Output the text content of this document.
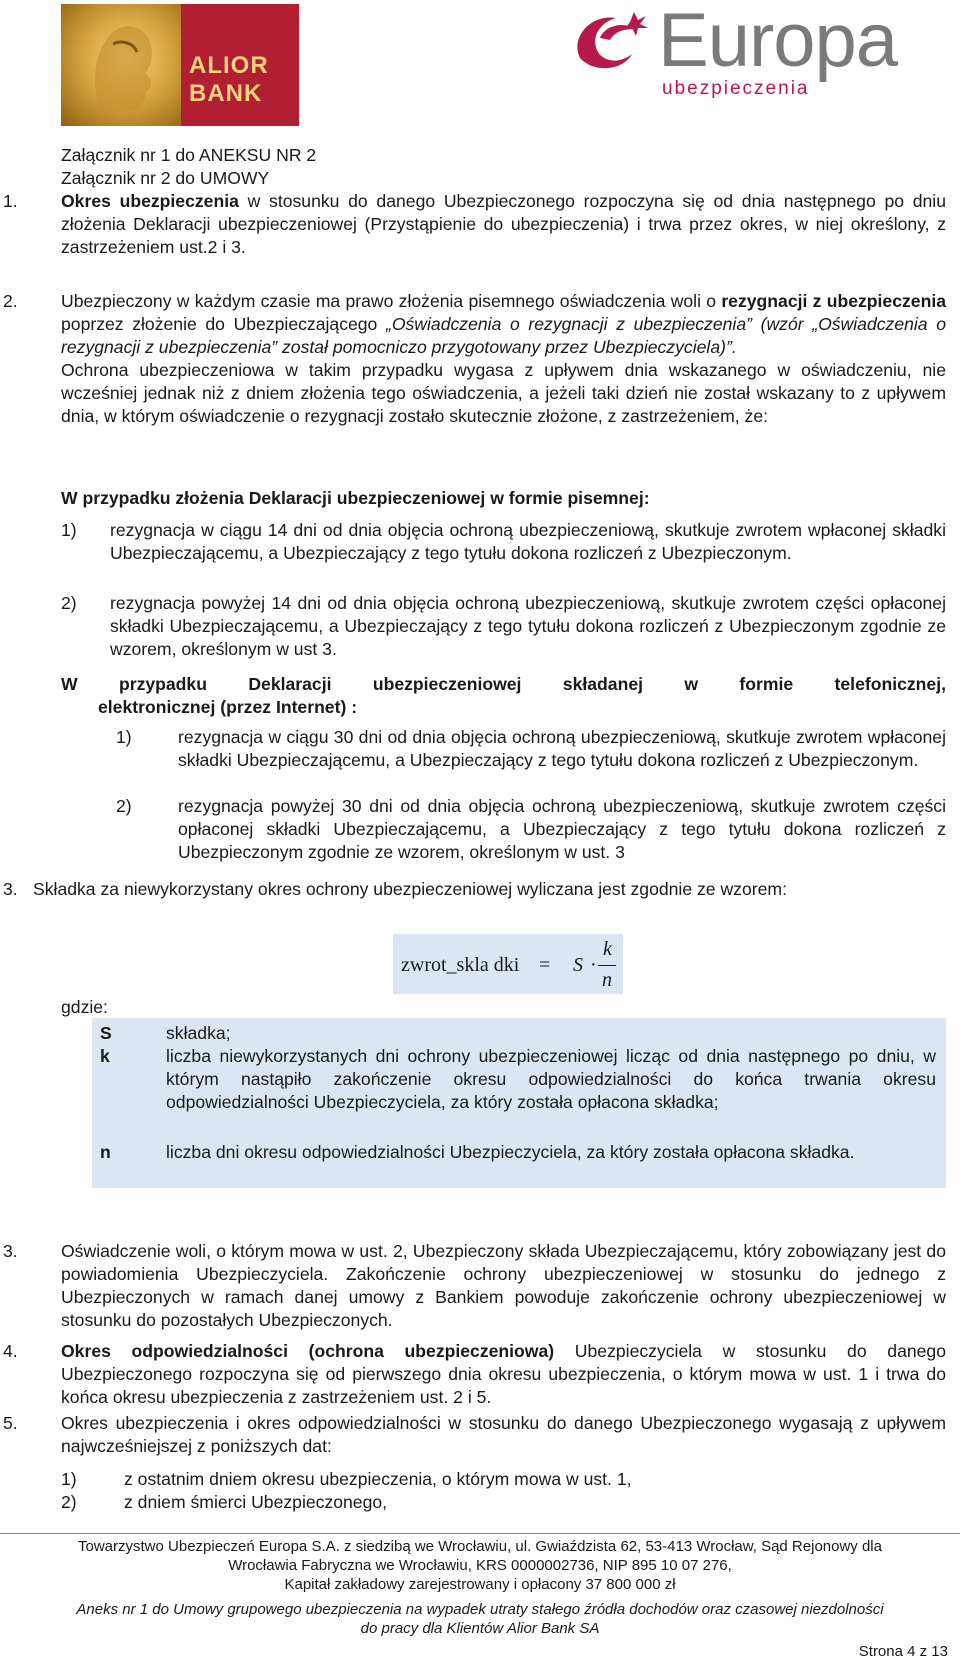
ALIOR
BANK
Europa
ubezpieczenia

Załącznik nr 1 do ANEKSU NR 2

Załącznik nr 2 do UMOWY

1.	Okres ubezpieczenia w stosunku do danego Ubezpieczonego rozpoczyna się od dnia następnego po dniu złożenia Deklaracji ubezpieczeniowej (Przystąpienie do ubezpieczenia) i trwa przez okres, w niej określony, z zastrzeżeniem ust.2 i 3.

2.	Ubezpieczony w każdym czasie ma prawo złożenia pisemnego oświadczenia woli o rezygnacji z ubezpieczenia poprzez złożenie do Ubezpieczającego „Oświadczenia o rezygnacji z ubezpieczenia” (wzór „Oświadczenia o rezygnacji z ubezpieczenia” został pomocniczo przygotowany przez Ubezpieczyciela)”.

Ochrona ubezpieczeniowa w takim przypadku wygasa z upływem dnia wskazanego w oświadczeniu, nie wcześniej jednak niż z dniem złożenia tego oświadczenia, a jeżeli taki dzień nie został wskazany to z upływem dnia, w którym oświadczenie o rezygnacji zostało skutecznie złożone, z zastrzeżeniem, że:

W przypadku złożenia Deklaracji ubezpieczeniowej w formie pisemnej:
1)	rezygnacja w ciągu 14 dni od dnia objęcia ochroną ubezpieczeniową, skutkuje zwrotem wpłaconej składki Ubezpieczającemu, a Ubezpieczający z tego tytułu dokona rozliczeń z Ubezpieczonym.
2)	rezygnacja powyżej 14 dni od dnia objęcia ochroną ubezpieczeniową, skutkuje zwrotem części opłaconej składki Ubezpieczającemu, a Ubezpieczający z tego tytułu dokona rozliczeń z Ubezpieczonym zgodnie ze wzorem, określonym w ust 3.
W przypadku Deklaracji ubezpieczeniowej składanej w formie telefonicznej,
elektronicznej (przez Internet) :
1)	rezygnacja w ciągu 30 dni od dnia objęcia ochroną ubezpieczeniową, skutkuje zwrotem wpłaconej składki Ubezpieczającemu, a Ubezpieczający z tego tytułu dokona rozliczeń z Ubezpieczonym.
2)	rezygnacja powyżej 30 dni od dnia objęcia ochroną ubezpieczeniową, skutkuje zwrotem części opłaconej składki Ubezpieczającemu, a Ubezpieczający z tego tytułu dokona rozliczeń z Ubezpieczonym zgodnie ze wzorem, określonym w ust. 3
3. Składka za niewykorzystany okres ochrony ubezpieczeniowej wyliczana jest zgodnie ze wzorem:
zwrot_skla dki = S ·
k
n
gdzie:
S	składka;
k	liczba niewykorzystanych dni ochrony ubezpieczeniowej licząc od dnia następnego po dniu, w którym nastąpiło zakończenie okresu odpowiedzialności do końca trwania okresu odpowiedzialności Ubezpieczyciela, za który została opłacona składka;
n	liczba dni okresu odpowiedzialności Ubezpieczyciela, za który została opłacona składka.
3.	Oświadczenie woli, o którym mowa w ust. 2, Ubezpieczony składa Ubezpieczającemu, który zobowiązany jest do powiadomienia Ubezpieczyciela. Zakończenie ochrony ubezpieczeniowej w stosunku do jednego z Ubezpieczonych w ramach danej umowy z Bankiem powoduje zakończenie ochrony ubezpieczeniowej w stosunku do pozostałych Ubezpieczonych.
4.	Okres odpowiedzialności (ochrona ubezpieczeniowa) Ubezpieczyciela w stosunku do danego Ubezpieczonego rozpoczyna się od pierwszego dnia okresu ubezpieczenia, o którym mowa w ust. 1 i trwa do końca okresu ubezpieczenia z zastrzeżeniem ust. 2 i 5.

5.	Okres ubezpieczenia i okres odpowiedzialności w stosunku do danego Ubezpieczonego wygasają z upływem najwcześniejszej z poniższych dat:
1)	z ostatnim dniem okresu ubezpieczenia, o którym mowa w ust. 1,
2)	z dniem śmierci Ubezpieczonego,
Towarzystwo Ubezpieczeń Europa S.A. z siedzibą we Wrocławiu, ul. Gwiaździsta 62, 53-413 Wrocław, Sąd Rejonowy dla
Wrocławia Fabryczna we Wrocławiu, KRS 0000002736, NIP 895 10 07 276,
Kapitał zakładowy zarejestrowany i opłacony 37 800 000 zł
Aneks nr 1 do Umowy grupowego ubezpieczenia na wypadek utraty stałego źródła dochodów oraz czasowej niezdolności
do pracy dla Klientów Alior Bank SA
Strona 4 z 13
